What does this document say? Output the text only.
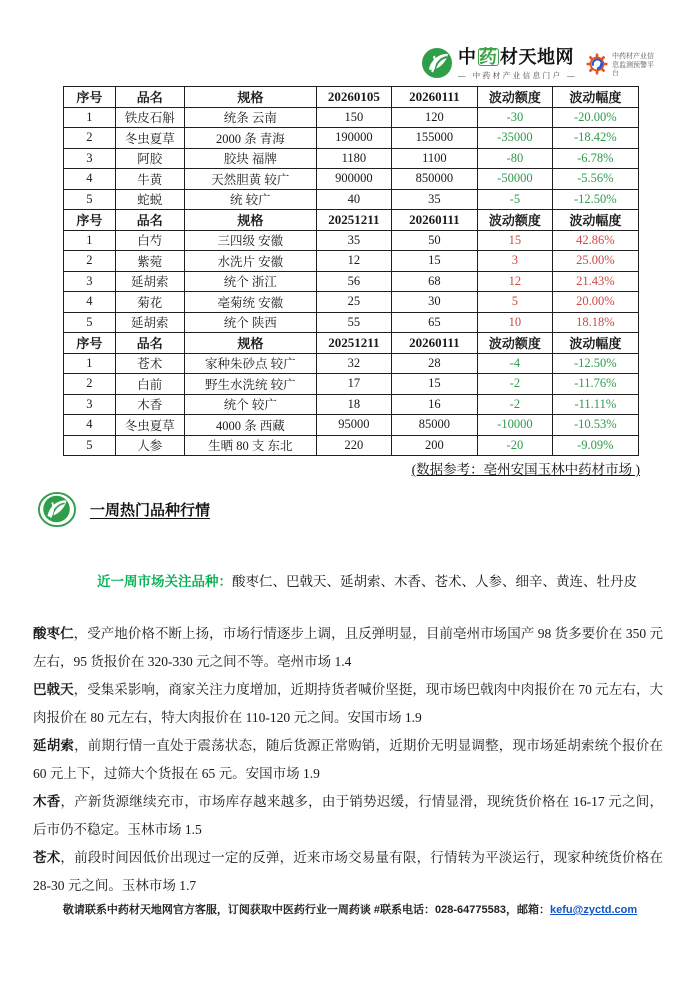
中 药 材天地网
— 中药材产业信息门户 —
中药材产业信
息监测预警平
台
序号	品名	规格	20260105	20260111	波动额度	波动幅度
1	铁皮石斛	统条 云南	150	120	-30	-20.00%
2	冬虫夏草	2000 条 青海	190000	155000	-35000	-18.42%
3	阿胶	胶块 福牌	1180	1100	-80	-6.78%
4	牛黄	天然胆黄 较广	900000	850000	-50000	-5.56%
5	蛇蜕	统 较广	40	35	-5	-12.50%
序号	品名	规格	20251211	20260111	波动额度	波动幅度
1	白芍	三四级 安徽	35	50	15	42.86%
2	紫菀	水洗片 安徽	12	15	3	25.00%
3	延胡索	统个 浙江	56	68	12	21.43%
4	菊花	亳菊统 安徽	25	30	5	20.00%
5	延胡索	统个 陕西	55	65	10	18.18%
序号	品名	规格	20251211	20260111	波动额度	波动幅度
1	苍术	家种朱砂点 较广	32	28	-4	-12.50%
2	白前	野生水洗统 较广	17	15	-2	-11.76%
3	木香	统个 较广	18	16	-2	-11.11%
4	冬虫夏草	4000 条 西藏	95000	85000	-10000	-10.53%
5	人参	生晒 80 支 东北	220	200	-20	-9.09%
(数据参考：亳州安国玉林中药材市场 )
一周热门品种行情
近一周市场关注品种：酸枣仁、巴戟天、延胡索、木香、苍术、人参、细辛、黄连、牡丹皮

酸枣仁，受产地价格不断上扬，市场行情逐步上调，且反弹明显，目前亳州市场国产 98 货多要价在 350 元左右，95 货报价在 320-330 元之间不等。亳州市场 1.4

巴戟天，受集采影响，商家关注力度增加，近期持货者喊价坚挺，现市场巴戟肉中肉报价在 70 元左右，大肉报价在 80 元左右，特大肉报价在 110-120 元之间。安国市场 1.9

延胡索，前期行情一直处于震荡状态，随后货源正常购销，近期价无明显调整，现市场延胡索统个报价在 60 元上下，过筛大个货报在 65 元。安国市场 1.9

木香，产新货源继续充市，市场库存越来越多，由于销势迟缓，行情显滑，现统货价格在 16-17 元之间，后市仍不稳定。玉林市场 1.5

苍术，前段时间因低价出现过一定的反弹，近来市场交易量有限，行情转为平淡运行，现家种统货价格在 28-30 元之间。玉林市场 1.7

敬请联系中药材天地网官方客服，订阅获取中医药行业一周药谈 #联系电话：028-64775583，邮箱：kefu@zyctd.com
